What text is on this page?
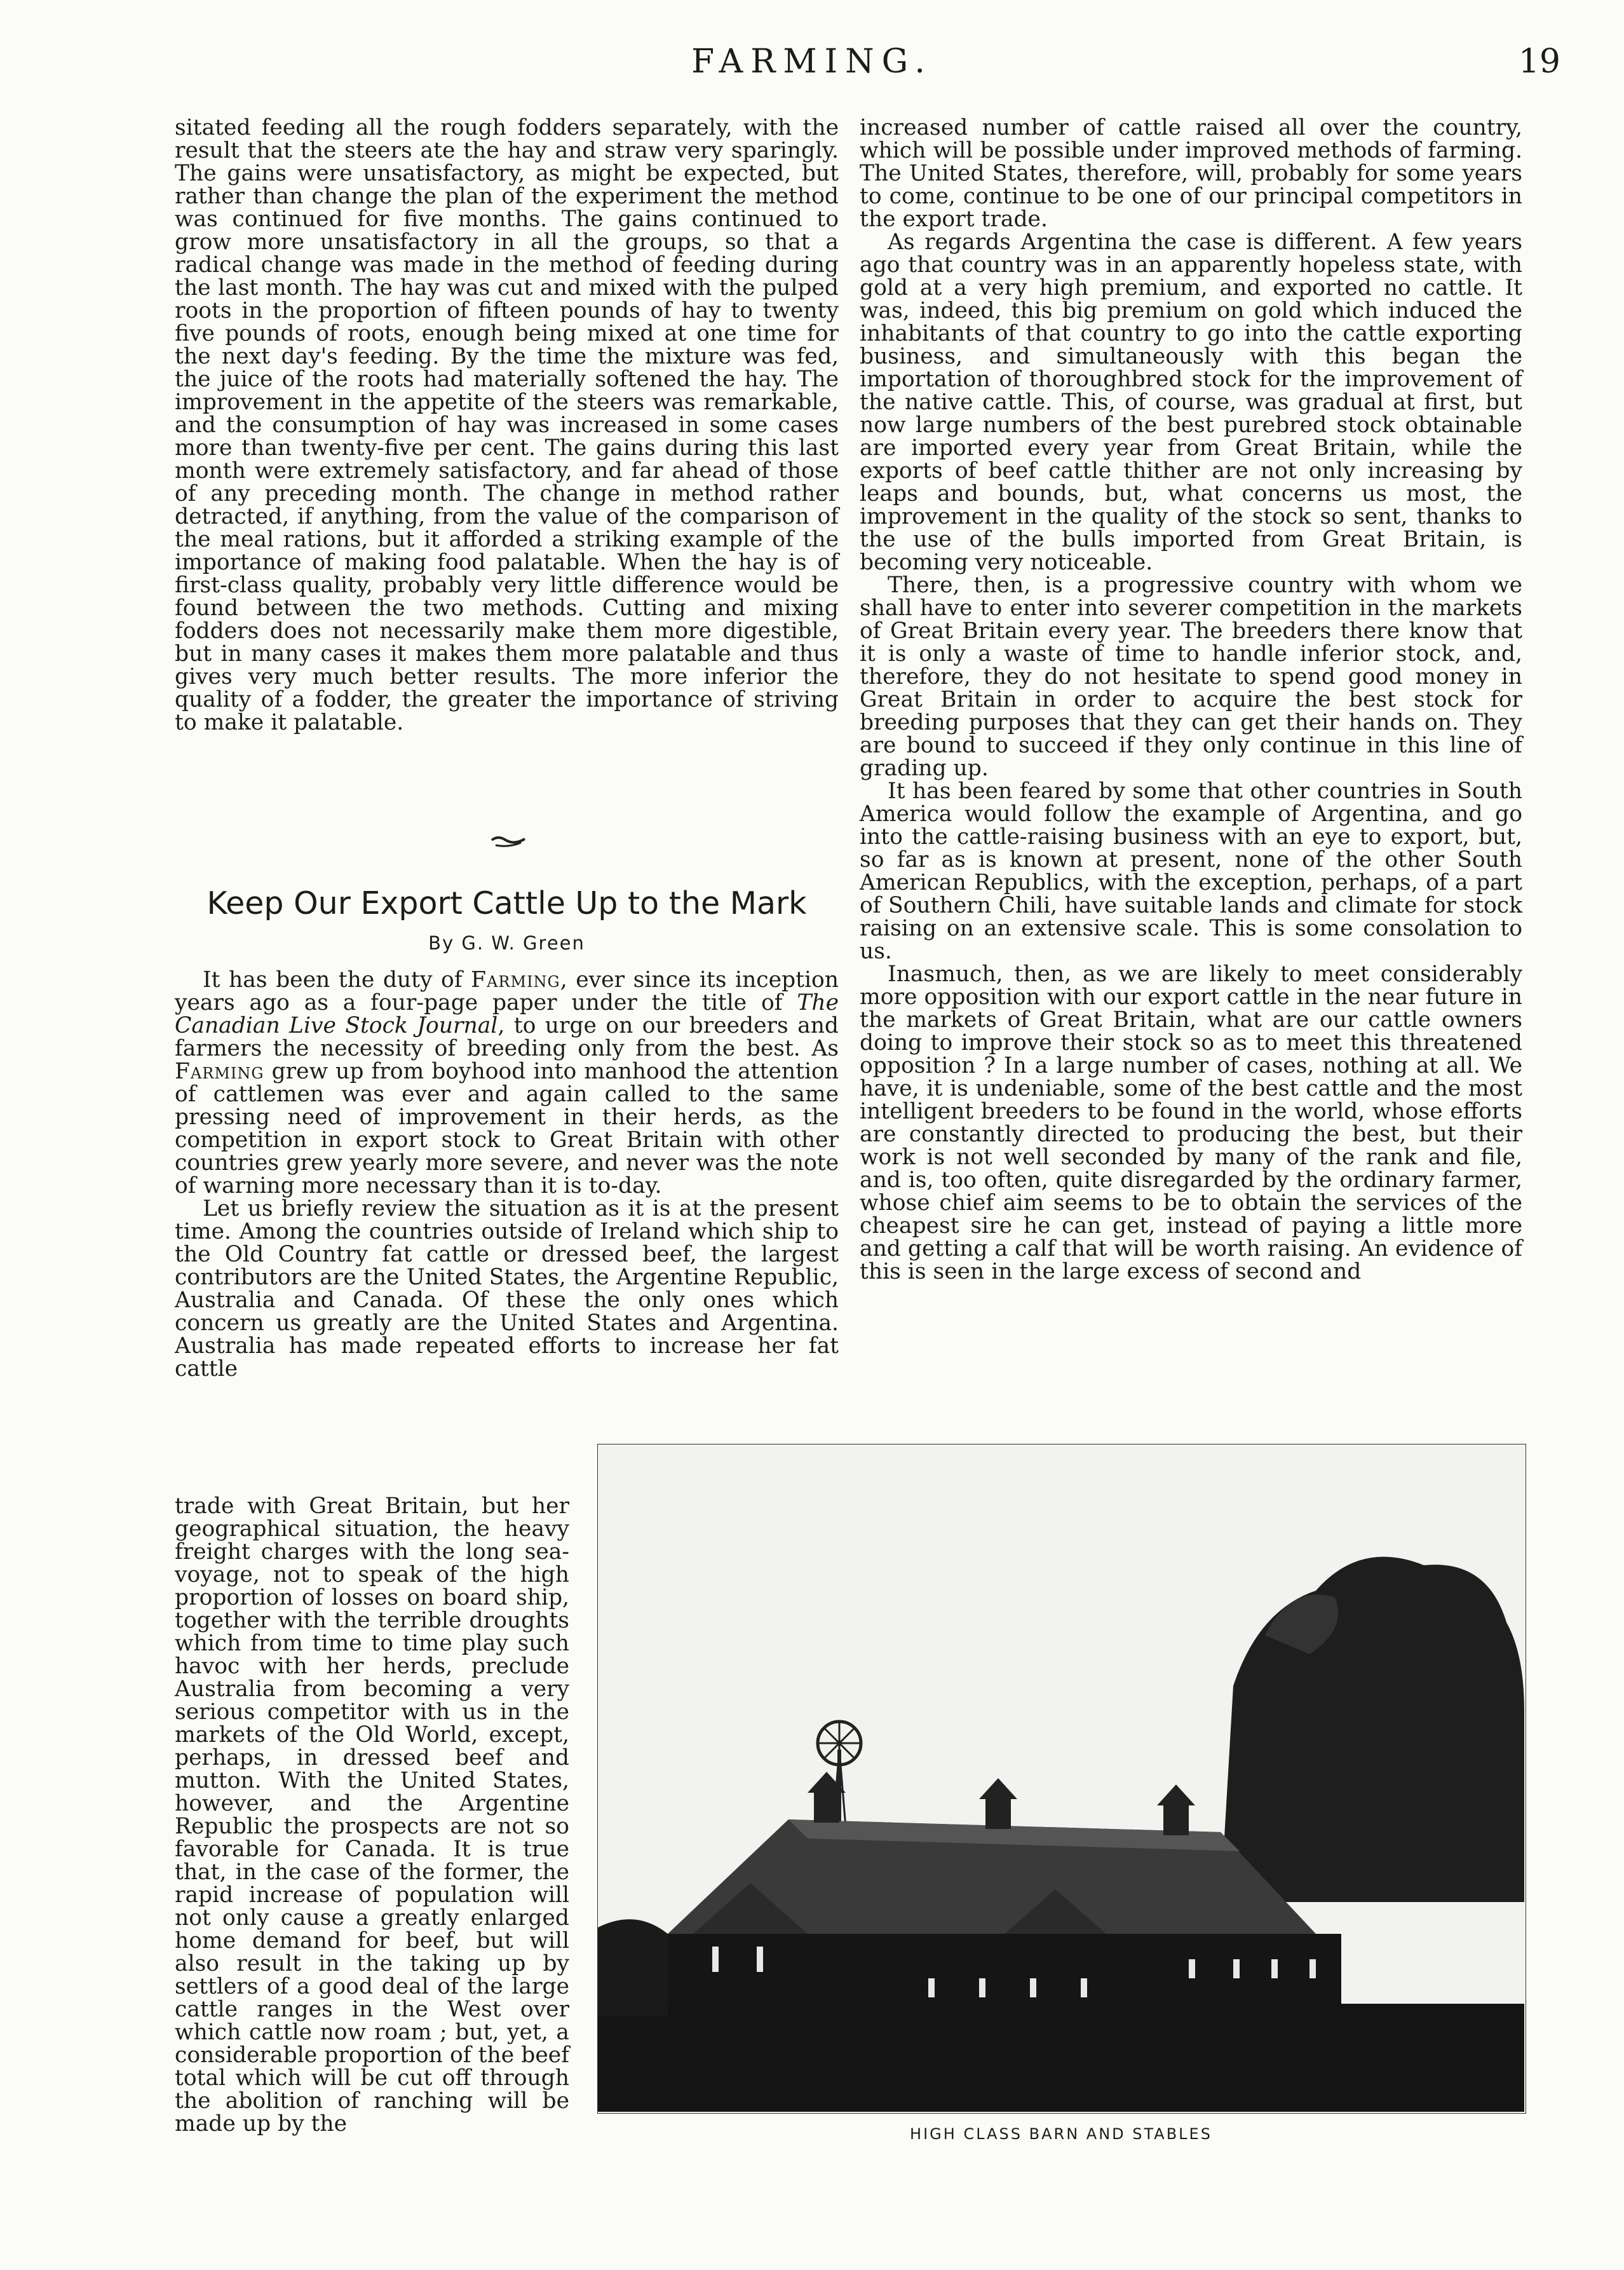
FARMING.	19

sitated feeding all the rough fodders separately, with the result that the steers ate the hay and straw very sparingly. The gains were unsatisfactory, as might be expected, but rather than change the plan of the experiment the method was continued for five months. The gains continued to grow more unsatisfactory in all the groups, so that a radical change was made in the method of feeding during the last month. The hay was cut and mixed with the pulped roots in the proportion of fifteen pounds of hay to twenty five pounds of roots, enough being mixed at one time for the next day's feeding. By the time the mixture was fed, the juice of the roots had materially softened the hay. The improvement in the appetite of the steers was remarkable, and the consumption of hay was increased in some cases more than twenty-five per cent. The gains during this last month were extremely satisfactory, and far ahead of those of any preceding month. The change in method rather detracted, if anything, from the value of the comparison of the meal rations, but it afforded a striking example of the importance of making food palatable. When the hay is of first-class quality, probably very little difference would be found between the two methods. Cutting and mixing fodders does not necessarily make them more digestible, but in many cases it makes them more palatable and thus gives very much better results. The more inferior the quality of a fodder, the greater the importance of striving to make it palatable.

Keep Our Export Cattle Up to the Mark
By G. W. Green

It has been the duty of Farming, ever since its inception years ago as a four-page paper under the title of The Canadian Live Stock Journal, to urge on our breeders and farmers the necessity of breeding only from the best. As Farming grew up from boyhood into manhood the attention of cattlemen was ever and again called to the same pressing need of improvement in their herds, as the competition in export stock to Great Britain with other countries grew yearly more severe, and never was the note of warning more necessary than it is to-day.

Let us briefly review the situation as it is at the present time. Among the countries outside of Ireland which ship to the Old Country fat cattle or dressed beef, the largest contributors are the United States, the Argentine Republic, Australia and Canada. Of these the only ones which concern us greatly are the United States and Argentina. Australia has made repeated efforts to increase her fat cattle

trade with Great Britain, but her geographical situation, the heavy freight charges with the long sea-voyage, not to speak of the high proportion of losses on board ship, together with the terrible droughts which from time to time play such havoc with her herds, preclude Australia from becoming a very serious competitor with us in the markets of the Old World, except, perhaps, in dressed beef and mutton. With the United States, however, and the Argentine Republic the prospects are not so favorable for Canada. It is true that, in the case of the former, the rapid increase of population will not only cause a greatly enlarged home demand for beef, but will also result in the taking up by settlers of a good deal of the large cattle ranges in the West over which cattle now roam ; but, yet, a considerable proportion of the beef total which will be cut off through the abolition of ranching will be made up by the

increased number of cattle raised all over the country, which will be possible under improved methods of farming. The United States, therefore, will, probably for some years to come, continue to be one of our principal competitors in the export trade.

As regards Argentina the case is different. A few years ago that country was in an apparently hopeless state, with gold at a very high premium, and exported no cattle. It was, indeed, this big premium on gold which induced the inhabitants of that country to go into the cattle exporting business, and simultaneously with this began the importation of thoroughbred stock for the improvement of the native cattle. This, of course, was gradual at first, but now large numbers of the best purebred stock obtainable are imported every year from Great Britain, while the exports of beef cattle thither are not only increasing by leaps and bounds, but, what concerns us most, the improvement in the quality of the stock so sent, thanks to the use of the bulls imported from Great Britain, is becoming very noticeable.

There, then, is a progressive country with whom we shall have to enter into severer competition in the markets of Great Britain every year. The breeders there know that it is only a waste of time to handle inferior stock, and, therefore, they do not hesitate to spend good money in Great Britain in order to acquire the best stock for breeding purposes that they can get their hands on. They are bound to succeed if they only continue in this line of grading up.

It has been feared by some that other countries in South America would follow the example of Argentina, and go into the cattle-raising business with an eye to export, but, so far as is known at present, none of the other South American Republics, with the exception, perhaps, of a part of Southern Chili, have suitable lands and climate for stock raising on an extensive scale. This is some consolation to us.

Inasmuch, then, as we are likely to meet considerably more opposition with our export cattle in the near future in the markets of Great Britain, what are our cattle owners doing to improve their stock so as to meet this threatened opposition ? In a large number of cases, nothing at all. We have, it is undeniable, some of the best cattle and the most intelligent breeders to be found in the world, whose efforts are constantly directed to producing the best, but their work is not well seconded by many of the rank and file, and is, too often, quite disregarded by the ordinary farmer, whose chief aim seems to be to obtain the services of the cheapest sire he can get, instead of paying a little more and getting a calf that will be worth raising. An evidence of this is seen in the large excess of second and

HIGH CLASS BARN AND STABLES
